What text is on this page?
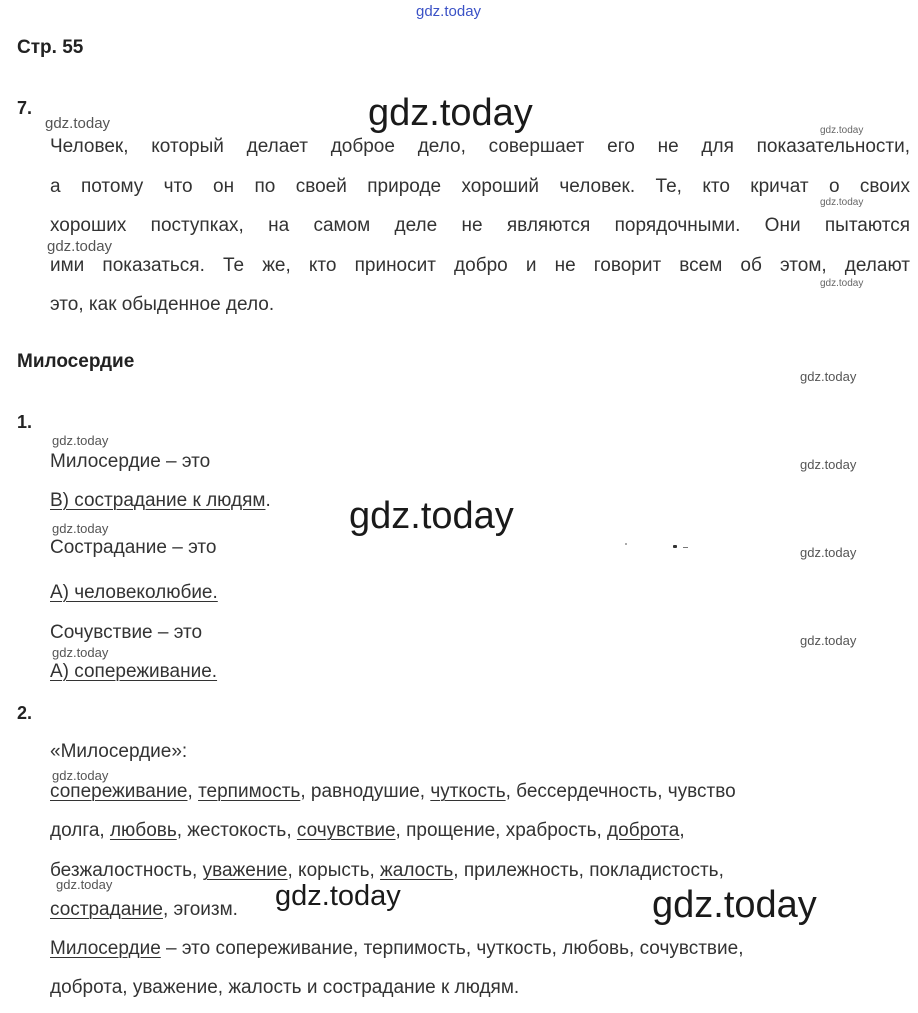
gdz.today
gdz.today
gdz.today
gdz.today
gdz.today
gdz.today
gdz.today
gdz.today
gdz.today
gdz.today
gdz.today
gdz.today
gdz.today
gdz.today
gdz.today
gdz.today
gdz.today
gdz.today
gdz.today
Стр. 55
7.
Человек, который делает доброе дело, совершает его не для показательности,
а потому что он по своей природе хороший человек. Те, кто кричат о своих
хороших поступках, на самом деле не являются порядочными. Они пытаются
ими показаться. Те же, кто приносит добро и не говорит всем об этом, делают
это, как обыденное дело.
Милосердие
1.
Милосердие – это
В) сострадание к людям.
Сострадание – это
А) человеколюбие.
Сочувствие – это
А) сопереживание.
2.
«Милосердие»:
сопереживание, терпимость, равнодушие, чуткость, бессердечность, чувство
долга, любовь, жестокость, сочувствие, прощение, храбрость, доброта,
безжалостность, уважение, корысть, жалость, прилежность, покладистость,
сострадание, эгоизм.
Милосердие – это сопереживание, терпимость, чуткость, любовь, сочувствие,
доброта, уважение, жалость и сострадание к людям.
